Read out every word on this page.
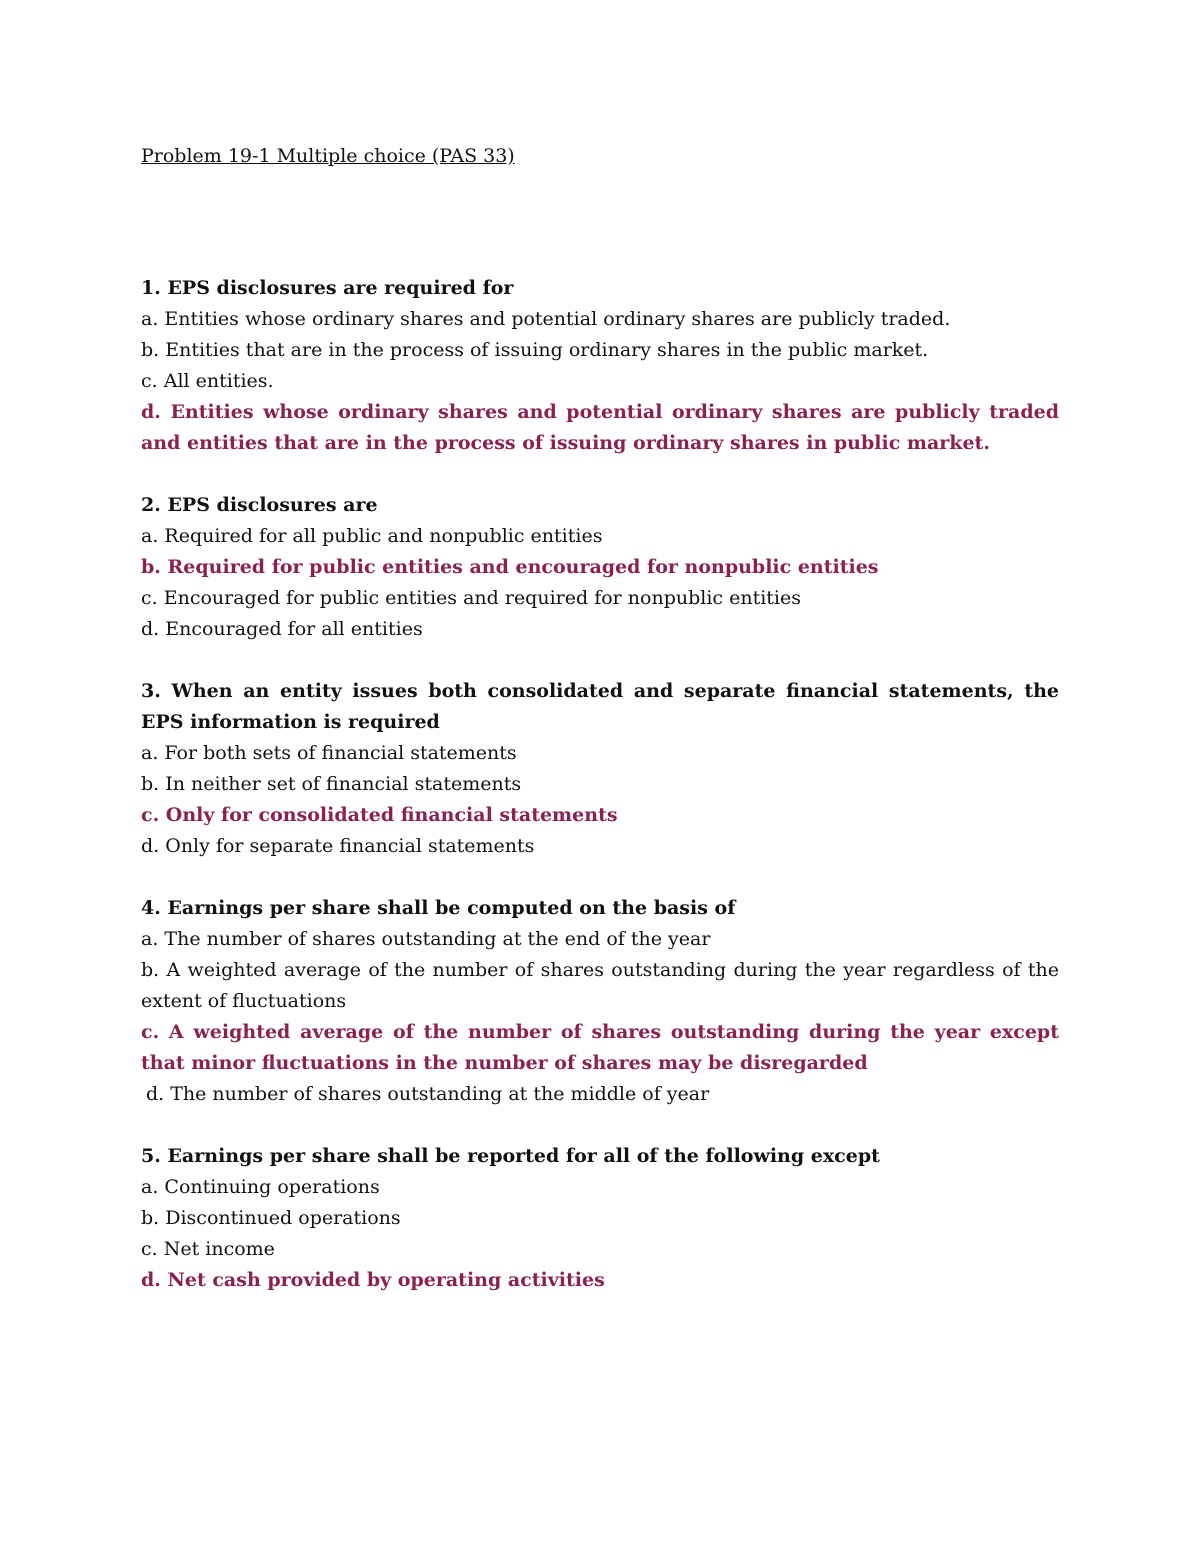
Problem 19-1 Multiple choice (PAS 33)
1. EPS disclosures are required for
a. Entities whose ordinary shares and potential ordinary shares are publicly traded.
b. Entities that are in the process of issuing ordinary shares in the public market.
c. All entities.
d. Entities whose ordinary shares and potential ordinary shares are publicly traded and entities that are in the process of issuing ordinary shares in public market.
2. EPS disclosures are
a. Required for all public and nonpublic entities
b. Required for public entities and encouraged for nonpublic entities
c. Encouraged for public entities and required for nonpublic entities
d. Encouraged for all entities
3. When an entity issues both consolidated and separate financial statements, the EPS information is required
a. For both sets of financial statements
b. In neither set of financial statements
c. Only for consolidated financial statements
d. Only for separate financial statements
4. Earnings per share shall be computed on the basis of
a. The number of shares outstanding at the end of the year
b. A weighted average of the number of shares outstanding during the year regardless of the extent of fluctuations
c. A weighted average of the number of shares outstanding during the year except that minor fluctuations in the number of shares may be disregarded
d. The number of shares outstanding at the middle of year
5. Earnings per share shall be reported for all of the following except
a. Continuing operations
b. Discontinued operations
c. Net income
d. Net cash provided by operating activities
